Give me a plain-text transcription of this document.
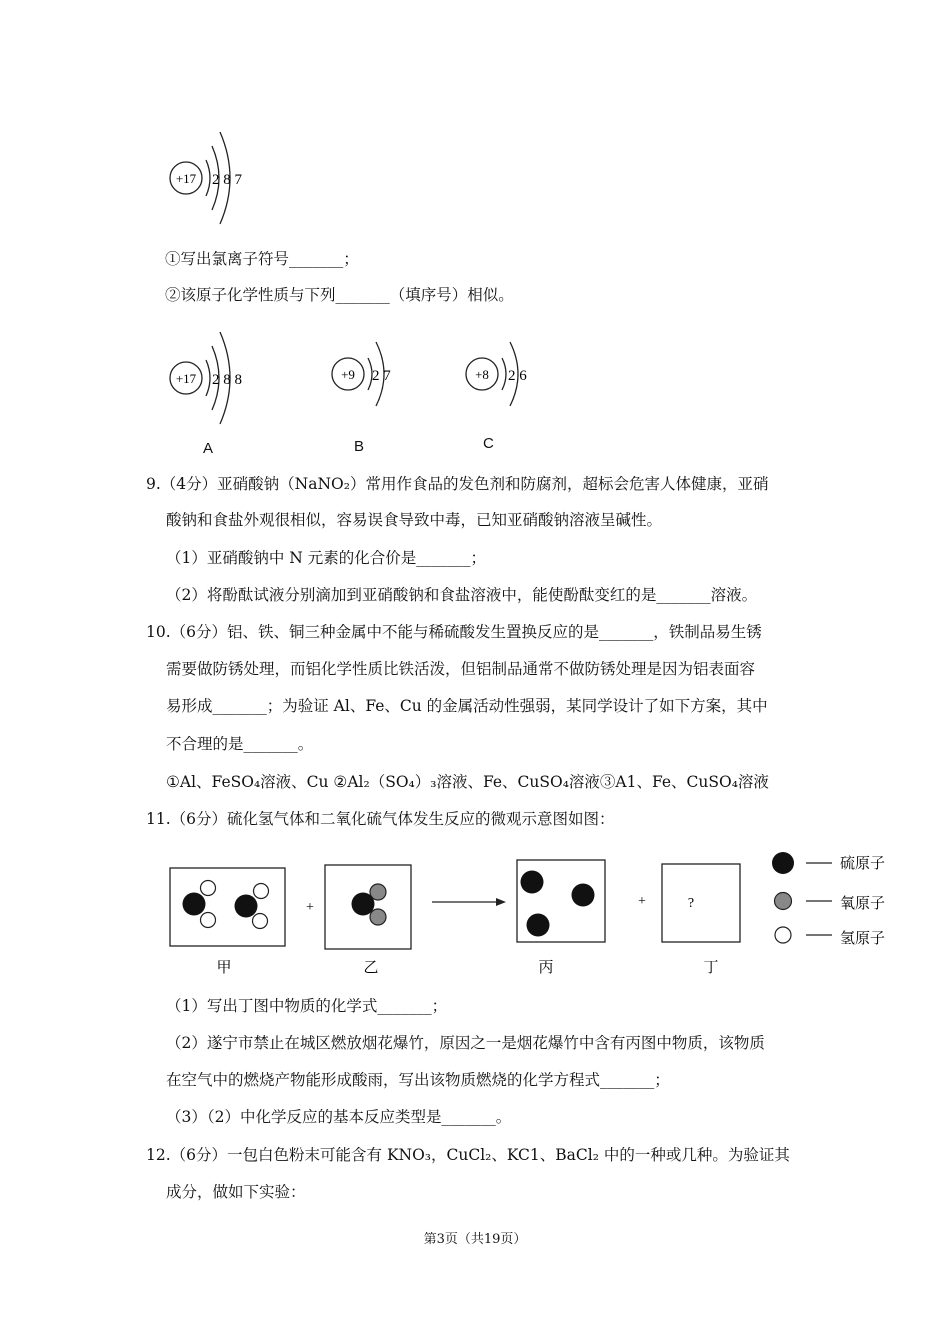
+17 2 8 7
①写出氯离子符号_______；
②该原子化学性质与下列_______（填序号）相似。
+17 2 8 8
A
+9 2 7
B
+8 2 6
C
9.（4分）亚硝酸钠（NaNO₂）常用作食品的发色剂和防腐剂，超标会危害人体健康，亚硝
酸钠和食盐外观很相似，容易误食导致中毒，已知亚硝酸钠溶液呈碱性。
（1）亚硝酸钠中 N 元素的化合价是_______；
（2）将酚酞试液分别滴加到亚硝酸钠和食盐溶液中，能使酚酞变红的是_______溶液。
10.（6分）铝、铁、铜三种金属中不能与稀硫酸发生置换反应的是_______，铁制品易生锈
需要做防锈处理，而铝化学性质比铁活泼，但铝制品通常不做防锈处理是因为铝表面容
易形成_______；为验证 Al、Fe、Cu 的金属活动性强弱，某同学设计了如下方案，其中
不合理的是_______。
①Al、FeSO₄溶液、Cu ②Al₂（SO₄）₃溶液、Fe、CuSO₄溶液③A1、Fe、CuSO₄溶液
11.（6分）硫化氢气体和二氧化硫气体发生反应的微观示意图如图：
+	+	?
硫原子
氧原子
氢原子
甲	乙	丙	丁
（1）写出丁图中物质的化学式_______；
（2）遂宁市禁止在城区燃放烟花爆竹，原因之一是烟花爆竹中含有丙图中物质，该物质
在空气中的燃烧产物能形成酸雨，写出该物质燃烧的化学方程式_______；
（3）（2）中化学反应的基本反应类型是_______。
12.（6分）一包白色粉末可能含有 KNO₃，CuCl₂、KC1、BaCl₂ 中的一种或几种。为验证其
成分，做如下实验：
第3页（共19页）
